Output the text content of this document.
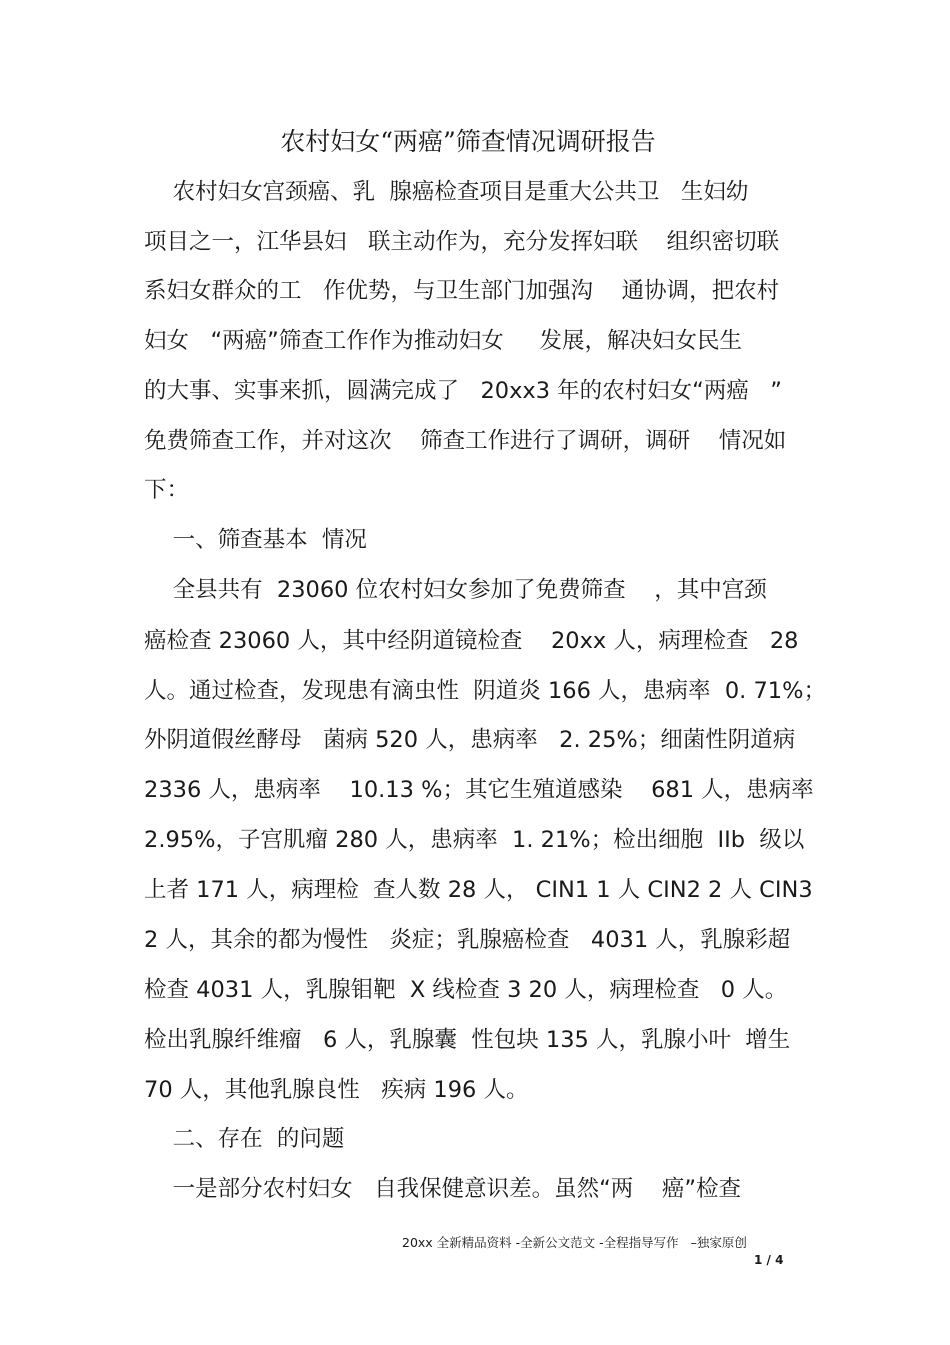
农村妇女“两癌”筛查情况调研报告
农村妇女宫颈癌、乳  腺癌检查项目是重大公共卫   生妇幼
项目之一，江华县妇   联主动作为，充分发挥妇联    组织密切联
系妇女群众的工   作优势，与卫生部门加强沟    通协调，把农村
妇女   “两癌”筛查工作作为推动妇女     发展，解决妇女民生
的大事、实事来抓，圆满完成了   20xx3 年的农村妇女“两癌   ”
免费筛查工作，并对这次    筛查工作进行了调研，调研    情况如
下：
一、筛查基本  情况
全县共有  23060 位农村妇女参加了免费筛查    ，其中宫颈
癌检查 23060 人，其中经阴道镜检查    20xx 人，病理检查   28
人。通过检查，发现患有滴虫性  阴道炎 166 人，患病率  0. 71%；
外阴道假丝酵母   菌病 520 人，患病率   2. 25%；细菌性阴道病
2336 人，患病率    10.13 %；其它生殖道感染    681 人，患病率
2.95%，子宫肌瘤 280 人，患病率  1. 21%；检出细胞  IIb  级以
上者 171 人，病理检  查人数 28 人， CIN1 1 人 CIN2 2 人 CIN3
2 人，其余的都为慢性   炎症；乳腺癌检查   4031 人，乳腺彩超
检查 4031 人，乳腺钼靶  X 线检查 3 20 人，病理检查   0 人。
检出乳腺纤维瘤   6 人，乳腺囊  性包块 135 人，乳腺小叶  增生
70 人，其他乳腺良性   疾病 196 人。
二、存在  的问题
一是部分农村妇女   自我保健意识差。虽然“两    癌”检查
20xx 全新精品资料 -全新公文范文 -全程指导写作   –独家原创
1 / 4
